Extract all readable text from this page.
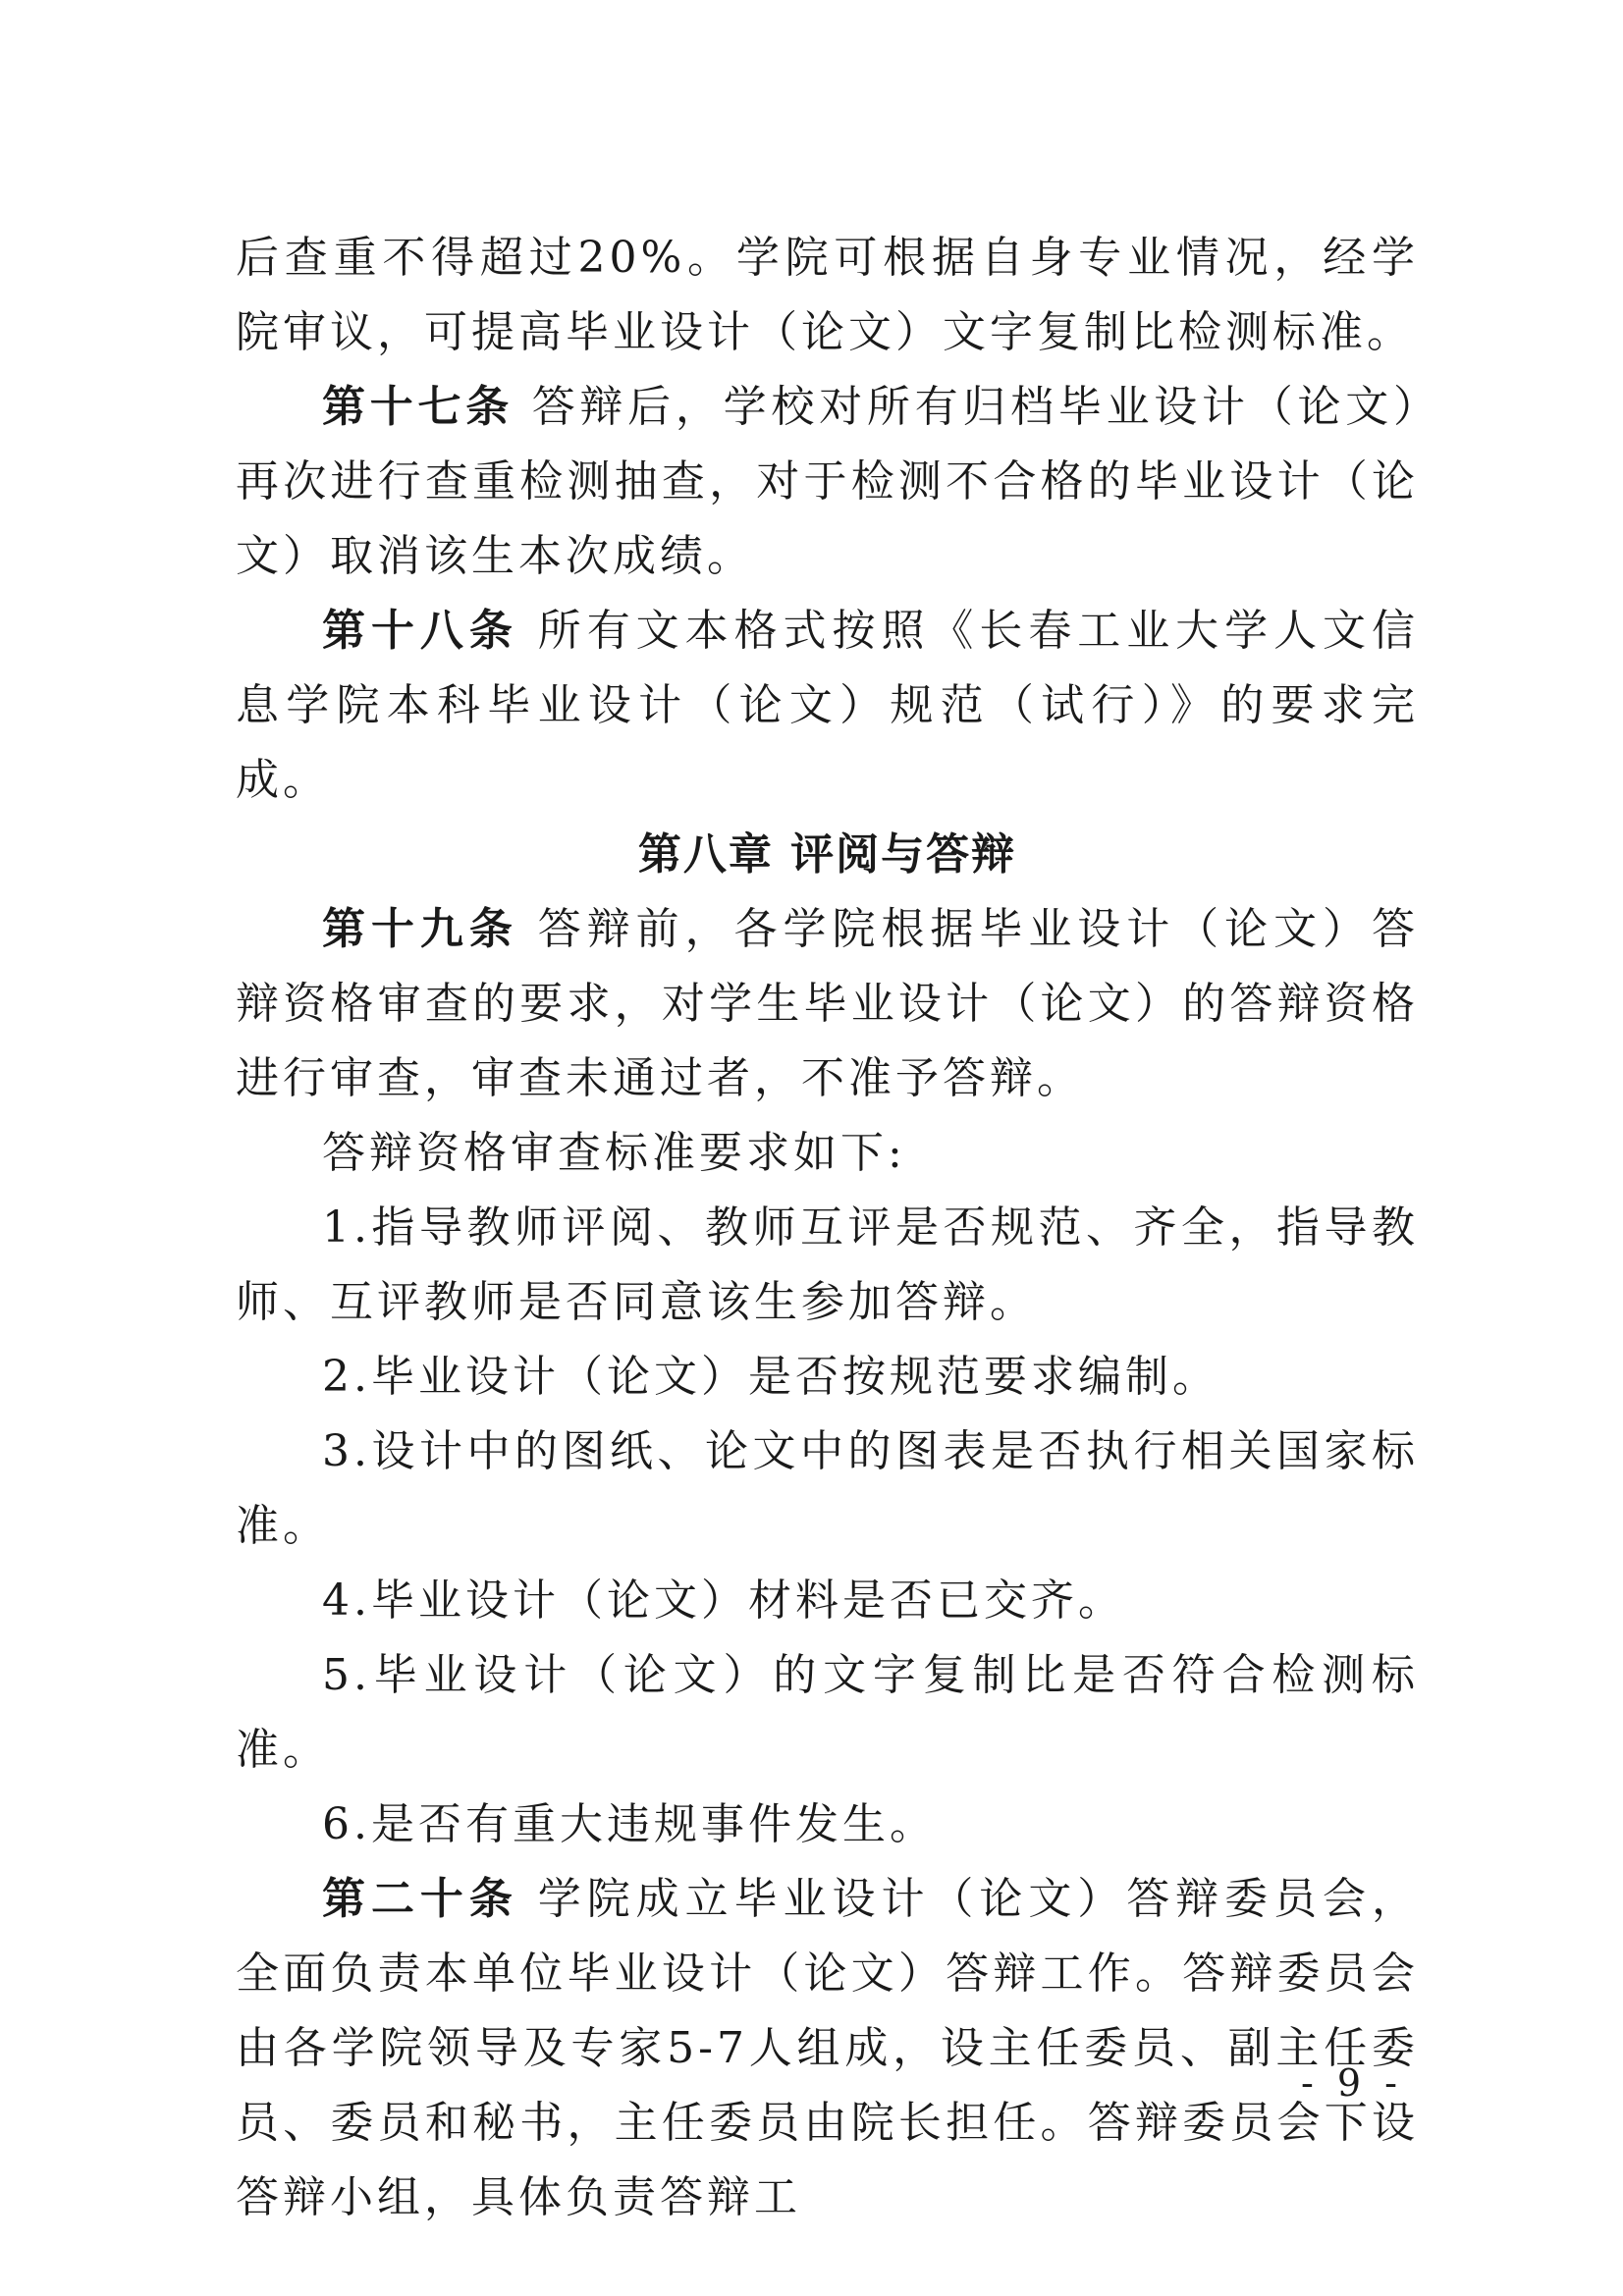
后查重不得超过20%。学院可根据自身专业情况，经学院审议，可提高毕业设计（论文）文字复制比检测标准。

第十七条 答辩后，学校对所有归档毕业设计（论文）再次进行查重检测抽查，对于检测不合格的毕业设计（论文）取消该生本次成绩。

第十八条 所有文本格式按照《长春工业大学人文信息学院本科毕业设计（论文）规范（试行）》的要求完成。

第八章 评阅与答辩

第十九条 答辩前，各学院根据毕业设计（论文）答辩资格审查的要求，对学生毕业设计（论文）的答辩资格进行审查，审查未通过者，不准予答辩。

答辩资格审查标准要求如下:

1.指导教师评阅、教师互评是否规范、齐全，指导教师、互评教师是否同意该生参加答辩。

2.毕业设计（论文）是否按规范要求编制。

3.设计中的图纸、论文中的图表是否执行相关国家标准。

4.毕业设计（论文）材料是否已交齐。

5.毕业设计（论文）的文字复制比是否符合检测标准。

6.是否有重大违规事件发生。

第二十条 学院成立毕业设计（论文）答辩委员会，全面负责本单位毕业设计（论文）答辩工作。答辩委员会由各学院领导及专家5-7人组成，设主任委员、副主任委员、委员和秘书，主任委员由院长担任。答辩委员会下设答辩小组，具体负责答辩工

- 9 -
